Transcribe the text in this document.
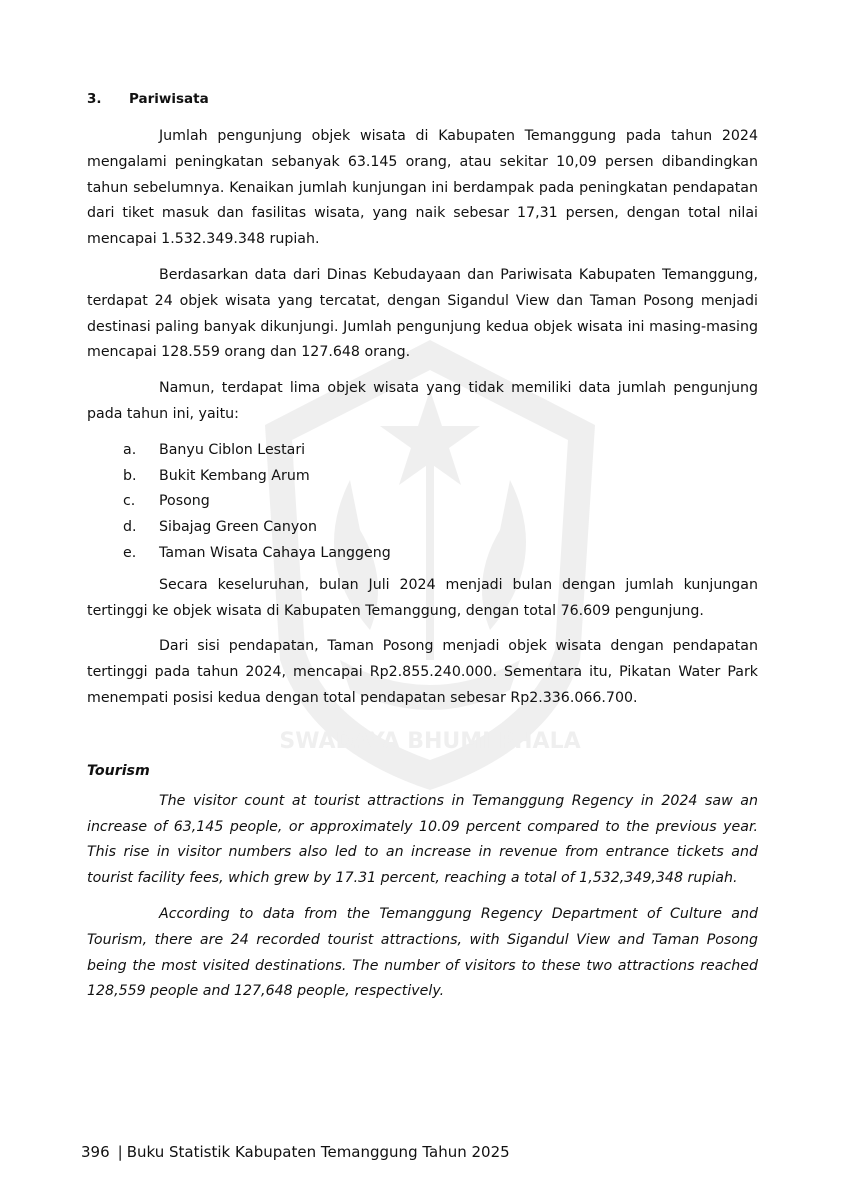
SWADAYA BHUMI PHALA
3.	Pariwisata

Jumlah pengunjung objek wisata di Kabupaten Temanggung pada tahun 2024 mengalami peningkatan sebanyak 63.145 orang, atau sekitar 10,09 persen dibandingkan tahun sebelumnya. Kenaikan jumlah kunjungan ini berdampak pada peningkatan pendapatan dari tiket masuk dan fasilitas wisata, yang naik sebesar 17,31 persen, dengan total nilai mencapai 1.532.349.348 rupiah.

Berdasarkan data dari Dinas Kebudayaan dan Pariwisata Kabupaten Temanggung, terdapat 24 objek wisata yang tercatat, dengan Sigandul View dan Taman Posong menjadi destinasi paling banyak dikunjungi. Jumlah pengunjung kedua objek wisata ini masing-masing mencapai 128.559 orang dan 127.648 orang.

Namun, terdapat lima objek wisata yang tidak memiliki data jumlah pengunjung pada tahun ini, yaitu:

a.	Banyu Ciblon Lestari
b.	Bukit Kembang Arum
c.	Posong
d.	Sibajag Green Canyon
e.	Taman Wisata Cahaya Langgeng

Secara keseluruhan, bulan Juli 2024 menjadi bulan dengan jumlah kunjungan tertinggi ke objek wisata di Kabupaten Temanggung, dengan total 76.609 pengunjung.

Dari sisi pendapatan, Taman Posong menjadi objek wisata dengan pendapatan tertinggi pada tahun 2024, mencapai Rp2.855.240.000. Sementara itu, Pikatan Water Park menempati posisi kedua dengan total pendapatan sebesar Rp2.336.066.700.

Tourism

The visitor count at tourist attractions in Temanggung Regency in 2024 saw an increase of 63,145 people, or approximately 10.09 percent compared to the previous year. This rise in visitor numbers also led to an increase in revenue from entrance tickets and tourist facility fees, which grew by 17.31 percent, reaching a total of 1,532,349,348 rupiah.

According to data from the Temanggung Regency Department of Culture and Tourism, there are 24 recorded tourist attractions, with Sigandul View and Taman Posong being the most visited destinations. The number of visitors to these two attractions reached 128,559 people and 127,648 people, respectively.

396 | Buku Statistik Kabupaten Temanggung Tahun 2025
